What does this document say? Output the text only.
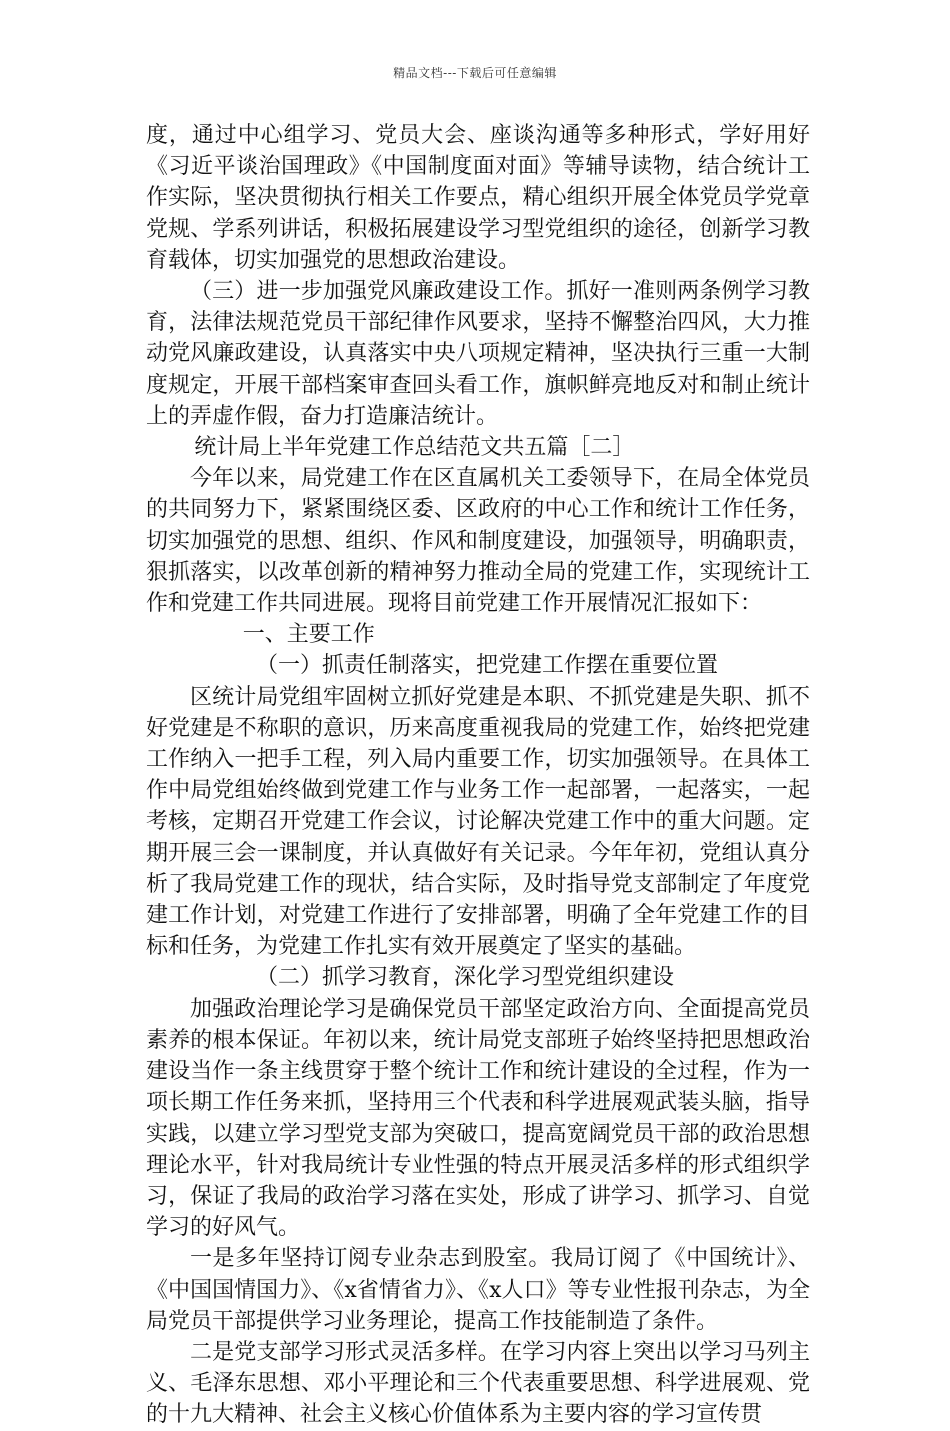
精品文档---下载后可任意编辑

度，通过中心组学习、党员大会、座谈沟通等多种形式，学好用好《习近平谈治国理政》《中国制度面对面》等辅导读物，结合统计工作实际，坚决贯彻执行相关工作要点，精心组织开展全体党员学党章党规、学系列讲话，积极拓展建设学习型党组织的途径，创新学习教育载体，切实加强党的思想政治建设。

（三）进一步加强党风廉政建设工作。抓好一准则两条例学习教育，法律法规范党员干部纪律作风要求，坚持不懈整治四风，大力推动党风廉政建设，认真落实中央八项规定精神，坚决执行三重一大制度规定，开展干部档案审查回头看工作，旗帜鲜亮地反对和制止统计上的弄虚作假，奋力打造廉洁统计。

统计局上半年党建工作总结范文共五篇［二］

今年以来，局党建工作在区直属机关工委领导下，在局全体党员的共同努力下，紧紧围绕区委、区政府的中心工作和统计工作任务，切实加强党的思想、组织、作风和制度建设，加强领导，明确职责，狠抓落实，以改革创新的精神努力推动全局的党建工作，实现统计工作和党建工作共同进展。现将目前党建工作开展情况汇报如下：

一、主要工作

（一）抓责任制落实，把党建工作摆在重要位置

区统计局党组牢固树立抓好党建是本职、不抓党建是失职、抓不好党建是不称职的意识，历来高度重视我局的党建工作，始终把党建工作纳入一把手工程，列入局内重要工作，切实加强领导。在具体工作中局党组始终做到党建工作与业务工作一起部署，一起落实，一起考核，定期召开党建工作会议，讨论解决党建工作中的重大问题。定期开展三会一课制度，并认真做好有关记录。今年年初，党组认真分析了我局党建工作的现状，结合实际，及时指导党支部制定了年度党建工作计划，对党建工作进行了安排部署，明确了全年党建工作的目标和任务，为党建工作扎实有效开展奠定了坚实的基础。

（二）抓学习教育，深化学习型党组织建设

加强政治理论学习是确保党员干部坚定政治方向、全面提高党员素养的根本保证。年初以来，统计局党支部班子始终坚持把思想政治建设当作一条主线贯穿于整个统计工作和统计建设的全过程，作为一项长期工作任务来抓，坚持用三个代表和科学进展观武装头脑，指导实践，以建立学习型党支部为突破口，提高宽阔党员干部的政治思想理论水平，针对我局统计专业性强的特点开展灵活多样的形式组织学习，保证了我局的政治学习落在实处，形成了讲学习、抓学习、自觉学习的好风气。

一是多年坚持订阅专业杂志到股室。我局订阅了《中国统计》、《中国国情国力》、《x省情省力》、《x人口》等专业性报刊杂志，为全局党员干部提供学习业务理论，提高工作技能制造了条件。

二是党支部学习形式灵活多样。在学习内容上突出以学习马列主义、毛泽东思想、邓小平理论和三个代表重要思想、科学进展观、党的十九大精神、社会主义核心价值体系为主要内容的学习宣传贯
